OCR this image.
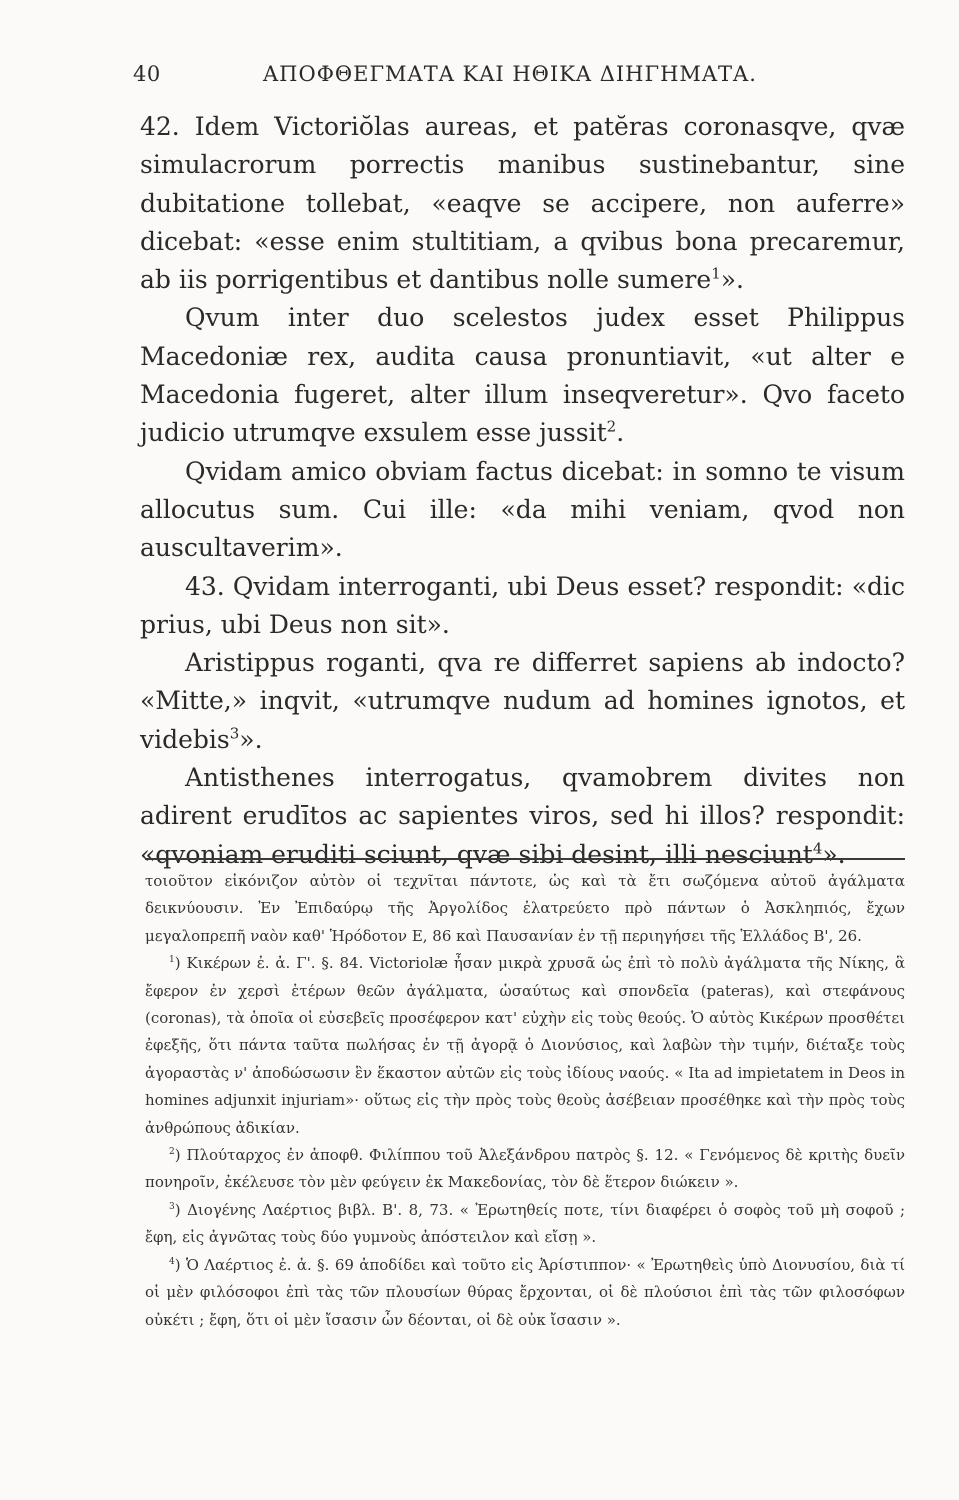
40	ΑΠΟΦΘΕΓΜΑΤΑ ΚΑΙ ΗΘΙΚΑ ΔΙΗΓΗΜΑΤΑ.

42. Idem Victoriŏlas aureas, et patĕras coronasqve, qvæ simulacrorum porrectis manibus sustinebantur, sine dubitatione tollebat, «eaqve se accipere, non auferre» dicebat: «esse enim stultitiam, a qvibus bona precaremur, ab iis porrigentibus et dantibus nolle sumere$^1$».

Qvum inter duo scelestos judex esset Philippus Macedoniæ rex, audita causa pronuntiavit, «ut alter e Macedonia fugeret, alter illum inseqveretur». Qvo faceto judicio utrumqve exsulem esse jussit$^2$.

Qvidam amico obviam factus dicebat: in somno te visum allocutus sum. Cui ille: «da mihi veniam, qvod non auscultaverim».

43. Qvidam interroganti, ubi Deus esset? respondit: «dic prius, ubi Deus non sit».

Aristippus roganti, qva re differret sapiens ab indocto? «Mitte,» inqvit, «utrumqve nudum ad homines ignotos, et videbis$^3$».

Antisthenes interrogatus, qvamobrem divites non adirent erudītos ac sapientes viros, sed hi illos? respondit: «qvoniam eruditi sciunt, qvæ sibi desint, illi nesciunt$^4$».

τοιοῦτον εἰκόνιζον αὐτὸν οἱ τεχνῖται πάντοτε, ὡς καὶ τὰ ἔτι σωζόμενα αὐτοῦ ἀγάλματα δεικνύουσιν. Ἐν Ἐπιδαύρῳ τῆς Ἀργολίδος ἐλατρεύετο πρὸ πάντων ὁ Ἀσκληπιός, ἔχων μεγαλοπρεπῆ ναὸν καθ' Ἡρόδοτον Ε, 86 καὶ Παυσανίαν ἐν τῇ περιηγήσει τῆς Ἑλλάδος Β', 26.

$^1$) Κικέρων ἐ. ἀ. Γ'. §. 84. Victoriolæ ἦσαν μικρὰ χρυσᾶ ὡς ἐπὶ τὸ πολὺ ἀγάλματα τῆς Νίκης, ἃ ἔφερον ἐν χερσὶ ἑτέρων θεῶν ἀγάλματα, ὡσαύτως καὶ σπονδεῖα (pateras), καὶ στεφάνους (coronas), τὰ ὁποῖα οἱ εὐσεβεῖς προσέφερον κατ' εὐχὴν εἰς τοὺς θεούς. Ὁ αὐτὸς Κικέρων προσθέτει ἐφεξῆς, ὅτι πάντα ταῦτα πωλήσας ἐν τῇ ἀγορᾷ ὁ Διονύσιος, καὶ λαβὼν τὴν τιμήν, διέταξε τοὺς ἀγοραστὰς ν' ἀποδώσωσιν ἓν ἕκαστον αὐτῶν εἰς τοὺς ἰδίους ναούς. « Ita ad impietatem in Deos in homines adjunxit injuriam»· οὕτως εἰς τὴν πρὸς τοὺς θεοὺς ἀσέβειαν προσέθηκε καὶ τὴν πρὸς τοὺς ἀνθρώπους ἀδικίαν.

$^2$) Πλούταρχος ἐν ἀποφθ. Φιλίππου τοῦ Ἀλεξάνδρου πατρὸς §. 12. « Γενόμενος δὲ κριτὴς δυεῖν πονηροῖν, ἐκέλευσε τὸν μὲν φεύγειν ἐκ Μακεδονίας, τὸν δὲ ἕτερον διώκειν ».

$^3$) Διογένης Λαέρτιος βιβλ. Β'. 8, 73. « Ἐρωτηθείς ποτε, τίνι διαφέρει ὁ σοφὸς τοῦ μὴ σοφοῦ ; ἔφη, εἰς ἀγνῶτας τοὺς δύο γυμνοὺς ἀπόστειλον καὶ εἴσῃ ».

$^4$) Ὁ Λαέρτιος ἐ. ἀ. §. 69 ἀποδίδει καὶ τοῦτο εἰς Ἀρίστιππον· « Ἐρωτηθεὶς ὑπὸ Διονυσίου, διὰ τί οἱ μὲν φιλόσοφοι ἐπὶ τὰς τῶν πλουσίων θύρας ἔρχονται, οἱ δὲ πλούσιοι ἐπὶ τὰς τῶν φιλοσόφων οὐκέτι ; ἔφη, ὅτι οἱ μὲν ἴσασιν ὧν δέονται, οἱ δὲ οὐκ ἴσασιν ».
